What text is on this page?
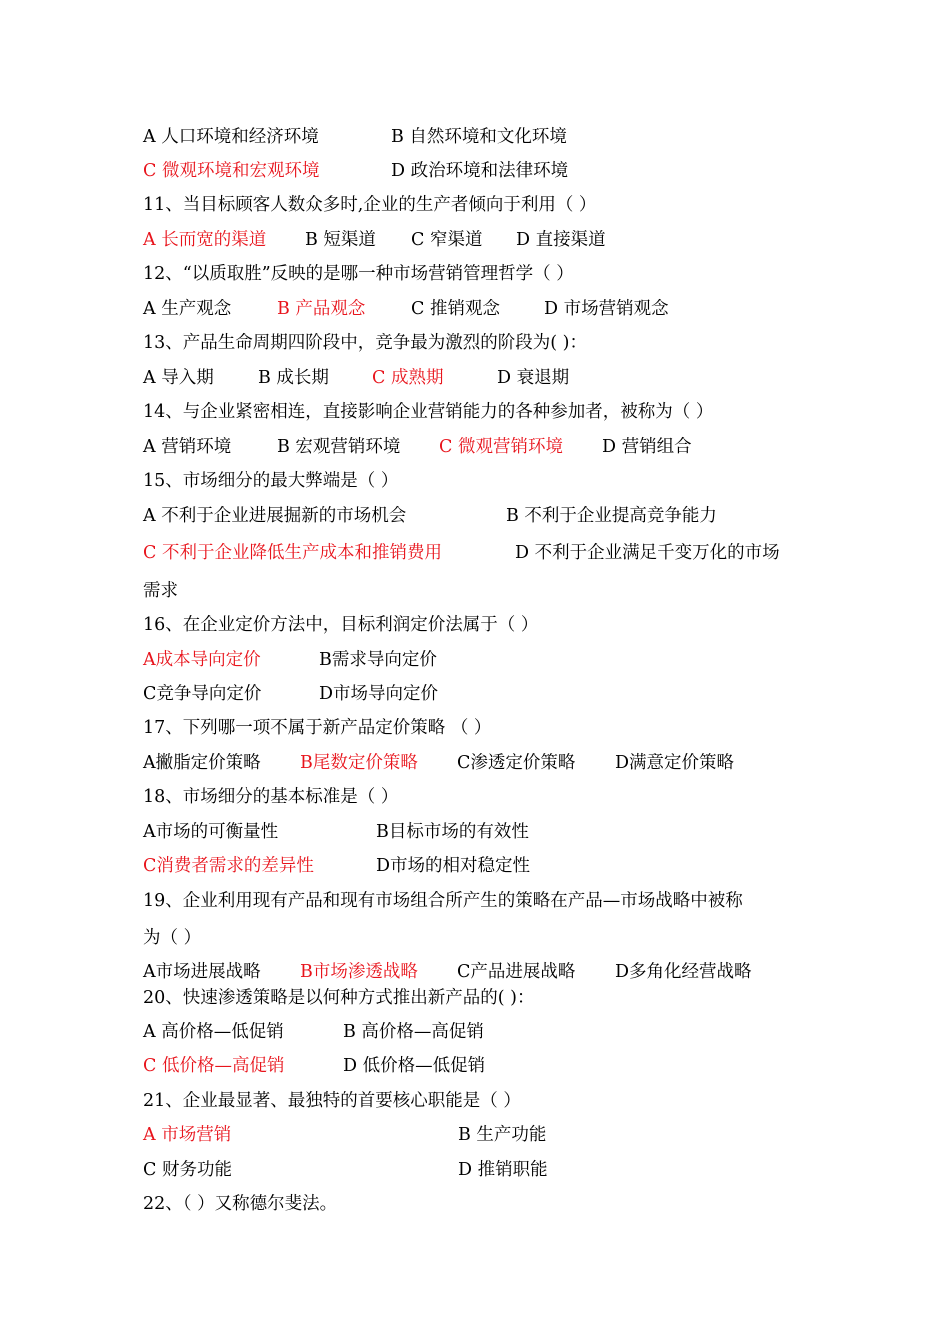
A 人口环境和经济环境	B 自然环境和文化环境
C 微观环境和宏观环境	D 政治环境和法律环境
11、当目标顾客人数众多时,企业的生产者倾向于利用（ ）
A 长而宽的渠道 B 短渠道 C 窄渠道 D 直接渠道
12、“以质取胜”反映的是哪一种市场营销管理哲学（ ）
A 生产观念	B 产品观念	C 推销观念	D 市场营销观念
13、产品生命周期四阶段中，竞争最为激烈的阶段为( )：
A 导入期	B 成长期 C 成熟期	D 衰退期
14、与企业紧密相连，直接影响企业营销能力的各种参加者，被称为（ ）
A 营销环境	B 宏观营销环境 C 微观营销环境 D 营销组合
15、市场细分的最大弊端是（ ）
A 不利于企业进展掘新的市场机会	B 不利于企业提高竞争能力
C 不利于企业降低生产成本和推销费用	D 不利于企业满足千变万化的市场
需求
16、在企业定价方法中，目标利润定价法属于（ ）
A成本导向定价	B需求导向定价
C竞争导向定价	D市场导向定价
17、下列哪一项不属于新产品定价策略 （ ）
A撇脂定价策略 B尾数定价策略 C渗透定价策略 D满意定价策略
18、市场细分的基本标准是（ ）
A市场的可衡量性	B目标市场的有效性
C消费者需求的差异性	D市场的相对稳定性
19、企业利用现有产品和现有市场组合所产生的策略在产品—市场战略中被称
为（ ）
A市场进展战略 B市场渗透战略 C产品进展战略 D多角化经营战略
20、快速渗透策略是以何种方式推出新产品的( )：
A 高价格—低促销	B 高价格—高促销
C 低价格—高促销	D 低价格—低促销
21、企业最显著、最独特的首要核心职能是（ ）
A 市场营销	B 生产功能
C 财务功能	D 推销职能
22、（ ）又称德尔斐法。
